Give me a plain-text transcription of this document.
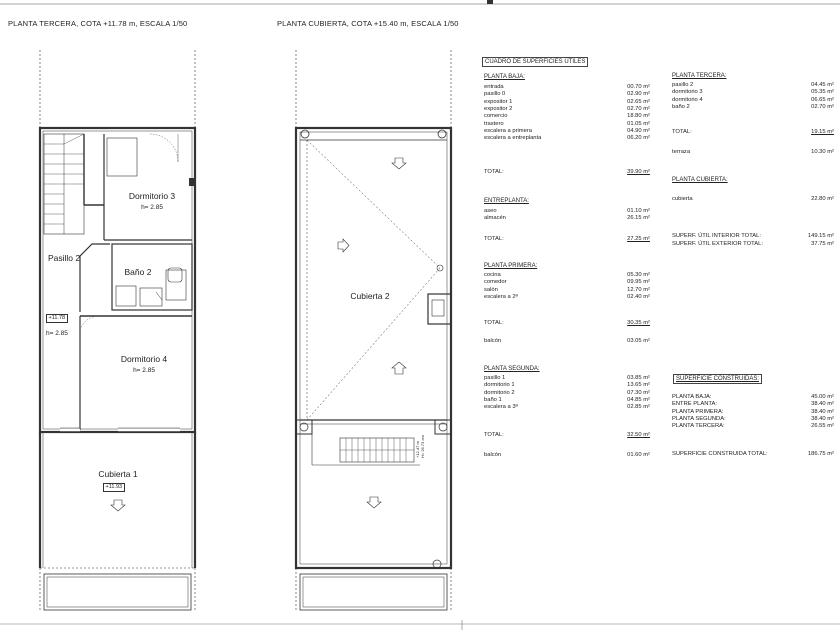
PLANTA TERCERA, COTA +11.78 m, ESCALA 1/50	PLANTA CUBIERTA, COTA +15.40 m, ESCALA 1/50
Dormitorio 3
h= 2.85
Pasillo 2
Baño 2
+11.78
h= 2.85
Dormitorio 4
h= 2.85
Cubierta 1
+11.93
Cubierta 2
+12.47 m H= 26.73 cm
CUADRO DE SUPERFICIES ÚTILES
PLANTA BAJA:
entrada	00.70 m²
pasillo 0	02.90 m²
expositor 1	02.65 m²
expositor 2	02.70 m²
comercio	18.80 m²
trastero	01.05 m²
escalera a primera	04.90 m²
escalera a entreplanta	06.20 m²
TOTAL:	39.90 m²
ENTREPLANTA:
aseo	01.10 m²
almacén	26.15 m²
TOTAL:	27.25 m²
PLANTA PRIMERA:
cocina	05.30 m²
comedor	09.95 m²
salón	12.70 m²
escalera a 2ª	02.40 m²
TOTAL:	30.35 m²
balcón	03.05 m²
PLANTA SEGUNDA:
pasillo 1	03.85 m²
dormitorio 1	13.65 m²
dormitorio 2	07.30 m²
baño 1	04.85 m²
escalera a 3ª	02.85 m²
TOTAL:	32.50 m²
balcón	01.60 m²
PLANTA TERCERA:
pasillo 2	04.45 m²
dormitorio 3	05.35 m²
dormitorio 4	06.65 m²
baño 2	02.70 m²
TOTAL:	19.15 m²
terraza	10.30 m²
PLANTA CUBIERTA:
cubierta	22.80 m²
SUPERF. ÚTIL INTERIOR TOTAL:	149.15 m²
SUPERF. ÚTIL EXTERIOR TOTAL:	37.75 m²
SUPERFICIE CONSTRUIDAS:
PLANTA BAJA:	45.00 m²
ENTRE PLANTA:	38.40 m²
PLANTA PRIMERA:	38.40 m²
PLANTA SEGUNDA:	38.40 m²
PLANTA TERCERA:	26.55 m²
SUPERFICIE CONSTRUIDA TOTAL:	186.75 m²
